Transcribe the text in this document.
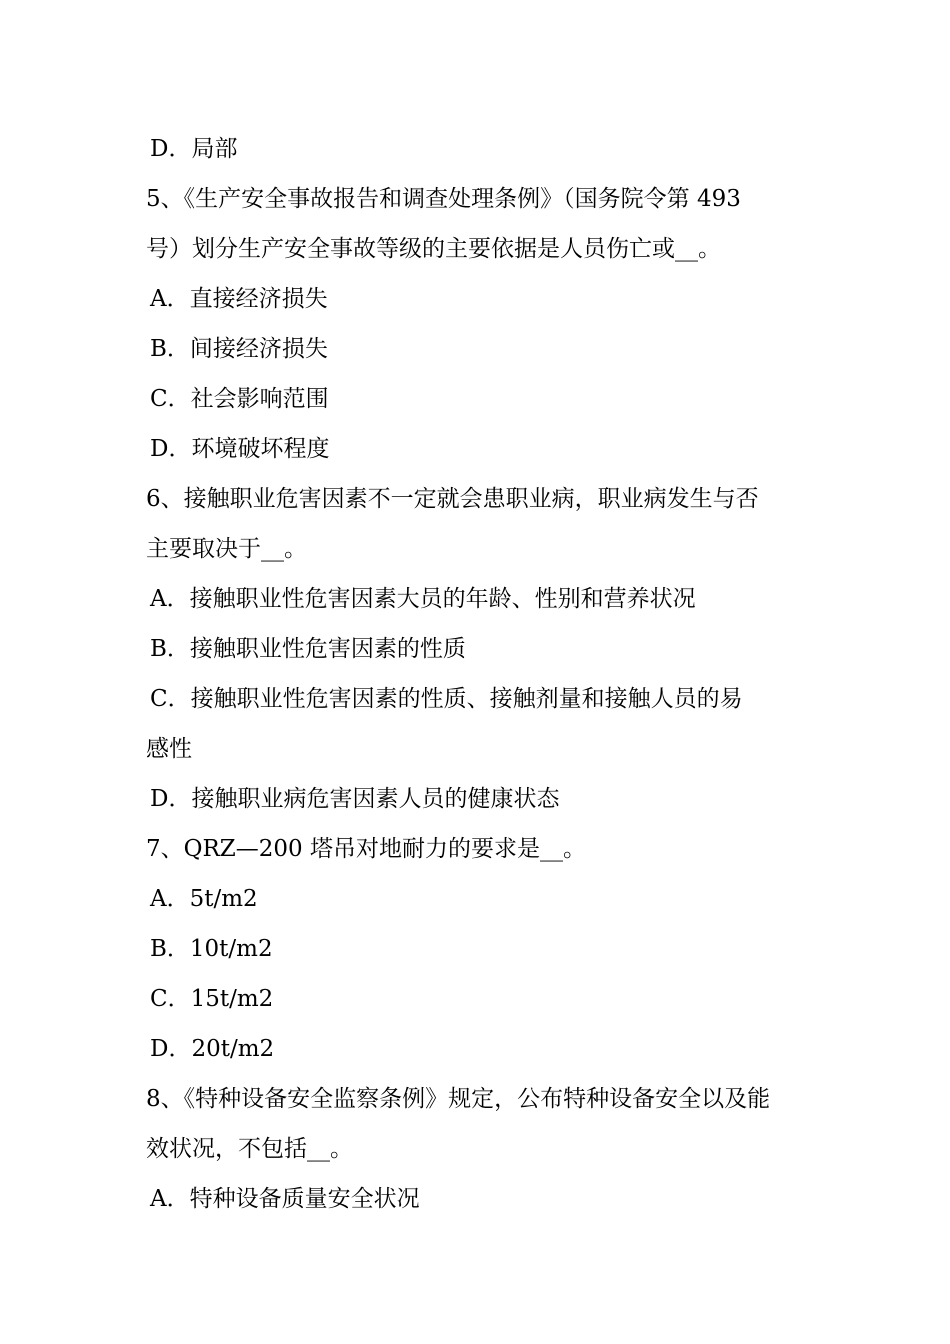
D．局部
5、《生产安全事故报告和调查处理条例》（国务院令第 493
号）划分生产安全事故等级的主要依据是人员伤亡或__。
A．直接经济损失
B．间接经济损失
C．社会影响范围
D．环境破坏程度
6、接触职业危害因素不一定就会患职业病，职业病发生与否
主要取决于__。
A．接触职业性危害因素大员的年龄、性别和营养状况
B．接触职业性危害因素的性质
C．接触职业性危害因素的性质、接触剂量和接触人员的易
感性
D．接触职业病危害因素人员的健康状态
7、QRZ—200 塔吊对地耐力的要求是__。
A．5t/m2
B．10t/m2
C．15t/m2
D．20t/m2
8、《特种设备安全监察条例》规定，公布特种设备安全以及能
效状况，不包括__。
A．特种设备质量安全状况
